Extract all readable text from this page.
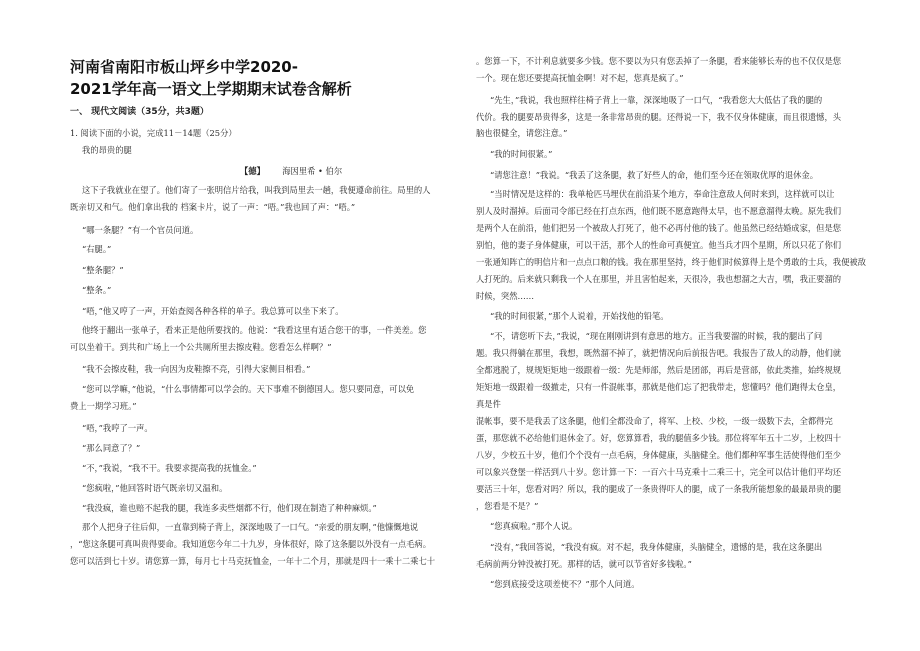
河南省南阳市板山坪乡中学2020-
2021学年高一语文上学期期末试卷含解析
一、 现代文阅读（35分，共3题）
1. 阅读下面的小说，完成11－14题（25分）
我的昂贵的腿
【德】 海因里希 • 伯尔
这下子我就业在望了。他们寄了一张明信片给我，叫我到局里去一趟，我便遵命前往。局里的人
既亲切又和气。他们拿出我的 档案卡片，说了一声：“唔。”我也回了声：“唔。”
“哪一条腿？”有一个官员问道。
“右腿。”
“整条腿？”
“整条。”
“唔，”他又哼了一声，开始查阅各种各样的单子。我总算可以坐下来了。
他终于翻出一张单子，看来正是他所要找的。他说：“我看这里有适合您干的事，一件美差。您
可以坐着干。到共和广场上一个公共厕所里去擦皮鞋。您看怎么样啊？”
“我不会擦皮鞋，我一向因为皮鞋擦不亮，引得大家侧目相看。”
“您可以学嘛，”他说，“什么事情都可以学会的。天下事难不倒德国人。您只要同意，可以免
费上一期学习班。”
“唔，”我哼了一声。
“那么同意了？”
“不，”我说，“我不干。我要求提高我的抚恤金。”
“您疯啦，”他回答时语气既亲切又温和。
“我没疯，谁也赔不起我的腿，我连多卖些烟都不行，他们现在制造了种种麻烦。”
那个人把身子往后仰，一直靠到椅子背上，深深地吸了一口气。“亲爱的朋友啊，”他慷慨地说
，“您这条腿可真叫贵得要命。我知道您今年二十九岁，身体很好，除了这条腿以外没有一点毛病。
您可以活到七十岁。请您算一算，每月七十马克抚恤金，一年十二个月，那就是四十一乘十二乘七十
。您算一下，不计利息就要多少钱。您不要以为只有您丢掉了一条腿，看来能够长寿的也不仅仅是您
一个。现在您还要提高抚恤金啊！对不起，您真是疯了。”
“先生，”我说，我也照样往椅子背上一靠，深深地吸了一口气，“我看您大大低估了我的腿的
代价。我的腿要昂贵得多，这是一条非常昂贵的腿。还得说一下，我不仅身体健康，而且很遗憾，头
脑也很健全，请您注意。”
“我的时间很紧。”
“请您注意！”我说。“我丢了这条腿，救了好些人的命，他们至今还在领取优厚的退休金。
“当时情况是这样的：我单枪匹马埋伏在前沿某个地方，奉命注意敌人何时来到，这样就可以让
别人及时溜掉。后面司令部已经在打点东西，他们既不愿意跑得太早，也不愿意溜得太晚。原先我们
是两个人在前沿，他们把另一个被敌人打死了，他不必再付他的钱了。他虽然已经结婚成家，但是您
别怕，他的妻子身体健康，可以干活，那个人的性命可真便宜。他当兵才四个星期，所以只花了你们
一张通知阵亡的明信片和一点点口粮的钱。我在那里坚持，终于他们时候算得上是个勇敢的士兵，我便被敌
人打死的。后来就只剩我一个人在那里，并且害怕起来，天很冷，我也想溜之大吉，嘿，我正要溜的
时候，突然……
“我的时间很紧，”那个人说着，开始找他的铅笔。
“不，请您听下去，”我说，“现在刚刚讲到有意思的地方。正当我要溜的时候，我的腿出了问
题。我只得躺在那里，我想，既然溜不掉了，就把情况向后前报告吧。我报告了敌人的动静，他们就
全都逃脱了，规规矩矩地一级跟着一级：先是师部，然后是团部，再后是营部，依此类推，始终规规
矩矩地一级跟着一级撤走，只有一件混帐事，那就是他们忘了把我带走，您懂吗？他们跑得太仓皇，
真是件
混帐事，要不是我丢了这条腿，他们全都没命了，将军、上校、少校，一级一级数下去，全都得完
蛋，那您就不必给他们退休金了。好，您算算看，我的腿值多少钱。那位将军年五十二岁，上校四十
八岁，少校五十岁，他们个个没有一点毛病，身体健康，头脑健全。他们都种军事生活使得他们至少
可以象兴登堡一样活到八十岁。您计算一下：一百六十马克乘十二乘三十，完全可以估计他们平均还
要活三十年，您看对吗？所以，我的腿成了一条贵得吓人的腿，成了一条我所能想象的最最昂贵的腿
，您看是不是？”
“您真疯啦。”那个人说。
“没有，”我回答说，“我没有疯。对不起，我身体健康，头脑健全，遗憾的是，我在这条腿出
毛病前两分钟没被打死。那样的话，就可以节省好多钱啦。”
“您到底接受这项差使不？”那个人问道。
